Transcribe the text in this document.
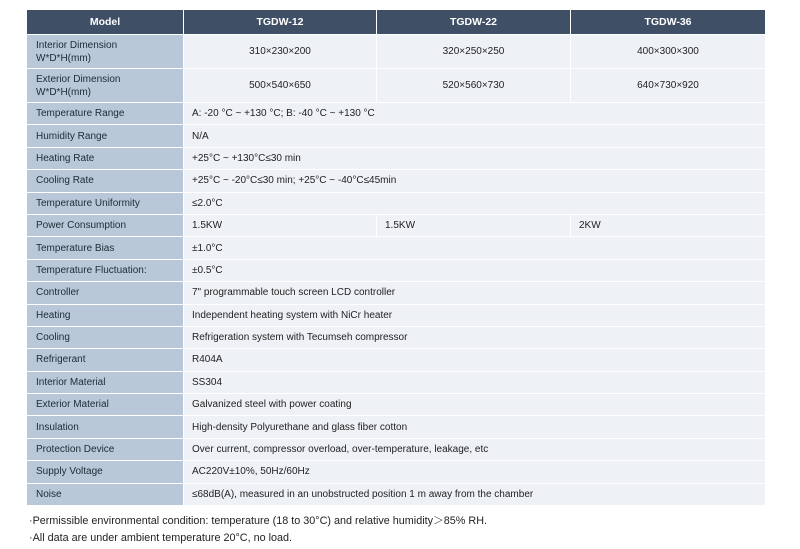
Model	TGDW-12	TGDW-22	TGDW-36
Interior Dimension
W*D*H(mm)	310×230×200	320×250×250	400×300×300
Exterior Dimension
W*D*H(mm)	500×540×650	520×560×730	640×730×920
Temperature Range	A: -20 °C ~ +130 °C; B: -40 °C ~ +130 °C		
Humidity Range	N/A		
Heating Rate	+25°C ~ +130°C≤30 min		
Cooling Rate	+25°C ~ -20°C≤30 min; +25°C ~ -40°C≤45min		
Temperature Uniformity	≤2.0°C		
Power Consumption	1.5KW	1.5KW	2KW
Temperature Bias	±1.0°C		
Temperature Fluctuation:	±0.5°C		
Controller	7" programmable touch screen LCD controller		
Heating	Independent heating system with NiCr heater		
Cooling	Refrigeration system with Tecumseh compressor		
Refrigerant	R404A		
Interior Material	SS304		
Exterior Material	Galvanized steel with power coating		
Insulation	High-density Polyurethane and glass fiber cotton		
Protection Device	Over current, compressor overload, over-temperature, leakage, etc		
Supply Voltage	AC220V±10%, 50Hz/60Hz		
Noise	≤68dB(A), measured in an unobstructed position 1 m away from the chamber		
·Permissible environmental condition: temperature (18 to 30°C) and relative humidity＞85% RH.
·All data are under ambient temperature 20°C, no load.
